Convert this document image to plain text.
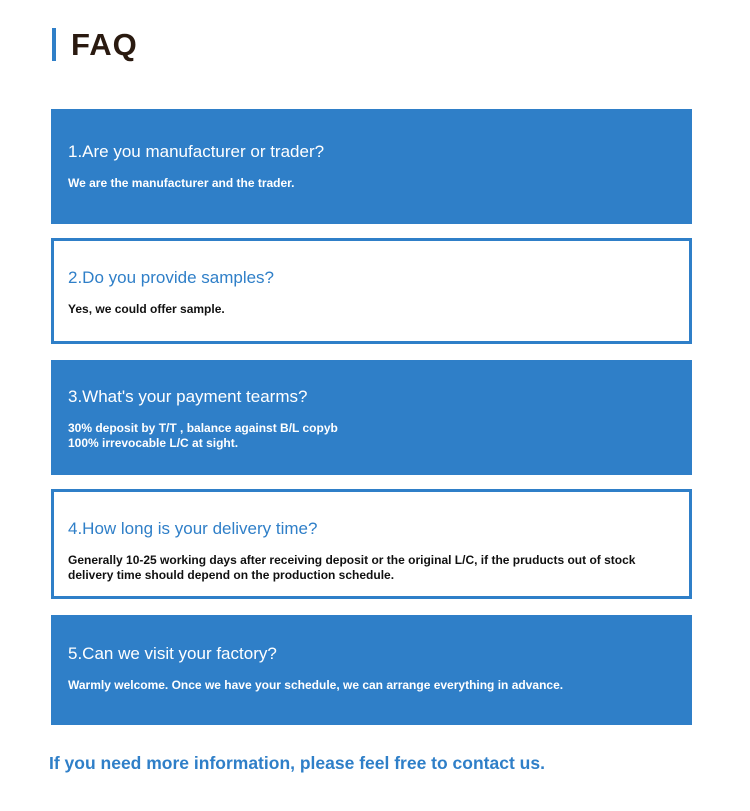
FAQ
1.Are you manufacturer or trader?
We are the manufacturer and the trader.
2.Do you provide samples?
Yes, we could offer sample.
3.What's your payment tearms?
30% deposit by T/T , balance against B/L copyb
100% irrevocable L/C at sight.
4.How long is your delivery time?
Generally 10-25 working days after receiving deposit or the original L/C, if the pruducts out of stock
delivery time should depend on the production schedule.
5.Can we visit your factory?
Warmly welcome. Once we have your schedule, we can arrange everything in advance.
If you need more information, please feel free to contact us.
